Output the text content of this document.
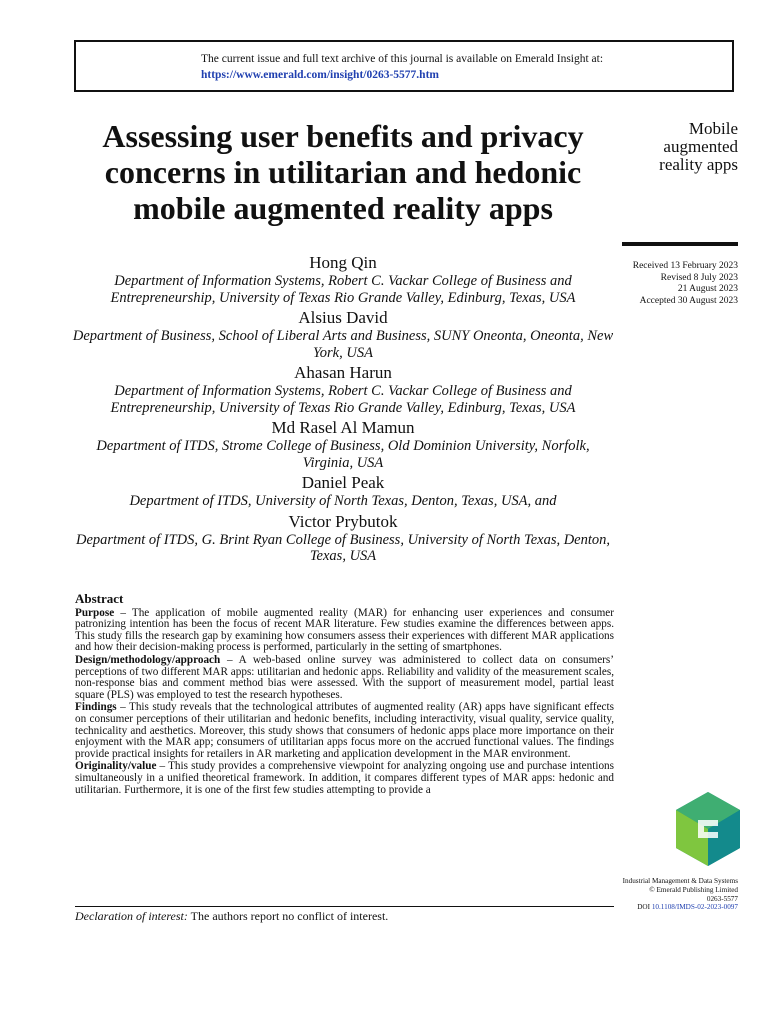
The current issue and full text archive of this journal is available on Emerald Insight at:
https://www.emerald.com/insight/0263-5577.htm
Assessing user benefits and privacy concerns in utilitarian and hedonic mobile augmented reality apps
Mobile augmented reality apps
Received 13 February 2023
Revised 8 July 2023
21 August 2023
Accepted 30 August 2023
Hong Qin
Department of Information Systems, Robert C. Vackar College of Business and Entrepreneurship, University of Texas Rio Grande Valley, Edinburg, Texas, USA
Alsius David
Department of Business, School of Liberal Arts and Business, SUNY Oneonta, Oneonta, New York, USA
Ahasan Harun
Department of Information Systems, Robert C. Vackar College of Business and Entrepreneurship, University of Texas Rio Grande Valley, Edinburg, Texas, USA
Md Rasel Al Mamun
Department of ITDS, Strome College of Business, Old Dominion University, Norfolk, Virginia, USA
Daniel Peak
Department of ITDS, University of North Texas, Denton, Texas, USA, and
Victor Prybutok
Department of ITDS, G. Brint Ryan College of Business, University of North Texas, Denton, Texas, USA
Abstract

Purpose – The application of mobile augmented reality (MAR) for enhancing user experiences and consumer patronizing intention has been the focus of recent MAR literature. Few studies examine the differences between apps. This study fills the research gap by examining how consumers assess their experiences with different MAR applications and how their decision-making process is performed, particularly in the setting of smartphones.

Design/methodology/approach – A web-based online survey was administered to collect data on consumers’ perceptions of two different MAR apps: utilitarian and hedonic apps. Reliability and validity of the measurement scales, non-response bias and comment method bias were assessed. With the support of measurement model, partial least square (PLS) was employed to test the research hypotheses.

Findings – This study reveals that the technological attributes of augmented reality (AR) apps have significant effects on consumer perceptions of their utilitarian and hedonic benefits, including interactivity, visual quality, service quality, technicality and aesthetics. Moreover, this study shows that consumers of hedonic apps place more importance on their enjoyment with the MAR app; consumers of utilitarian apps focus more on the accrued functional values. The findings provide practical insights for retailers in AR marketing and application development in the MAR environment.

Originality/value – This study provides a comprehensive viewpoint for analyzing ongoing use and purchase intentions simultaneously in a unified theoretical framework. In addition, it compares different types of MAR apps: hedonic and utilitarian. Furthermore, it is one of the first few studies attempting to provide a

Declaration of interest: The authors report no conflict of interest.
Industrial Management & Data Systems
© Emerald Publishing Limited
0263-5577
DOI 10.1108/IMDS-02-2023-0097
